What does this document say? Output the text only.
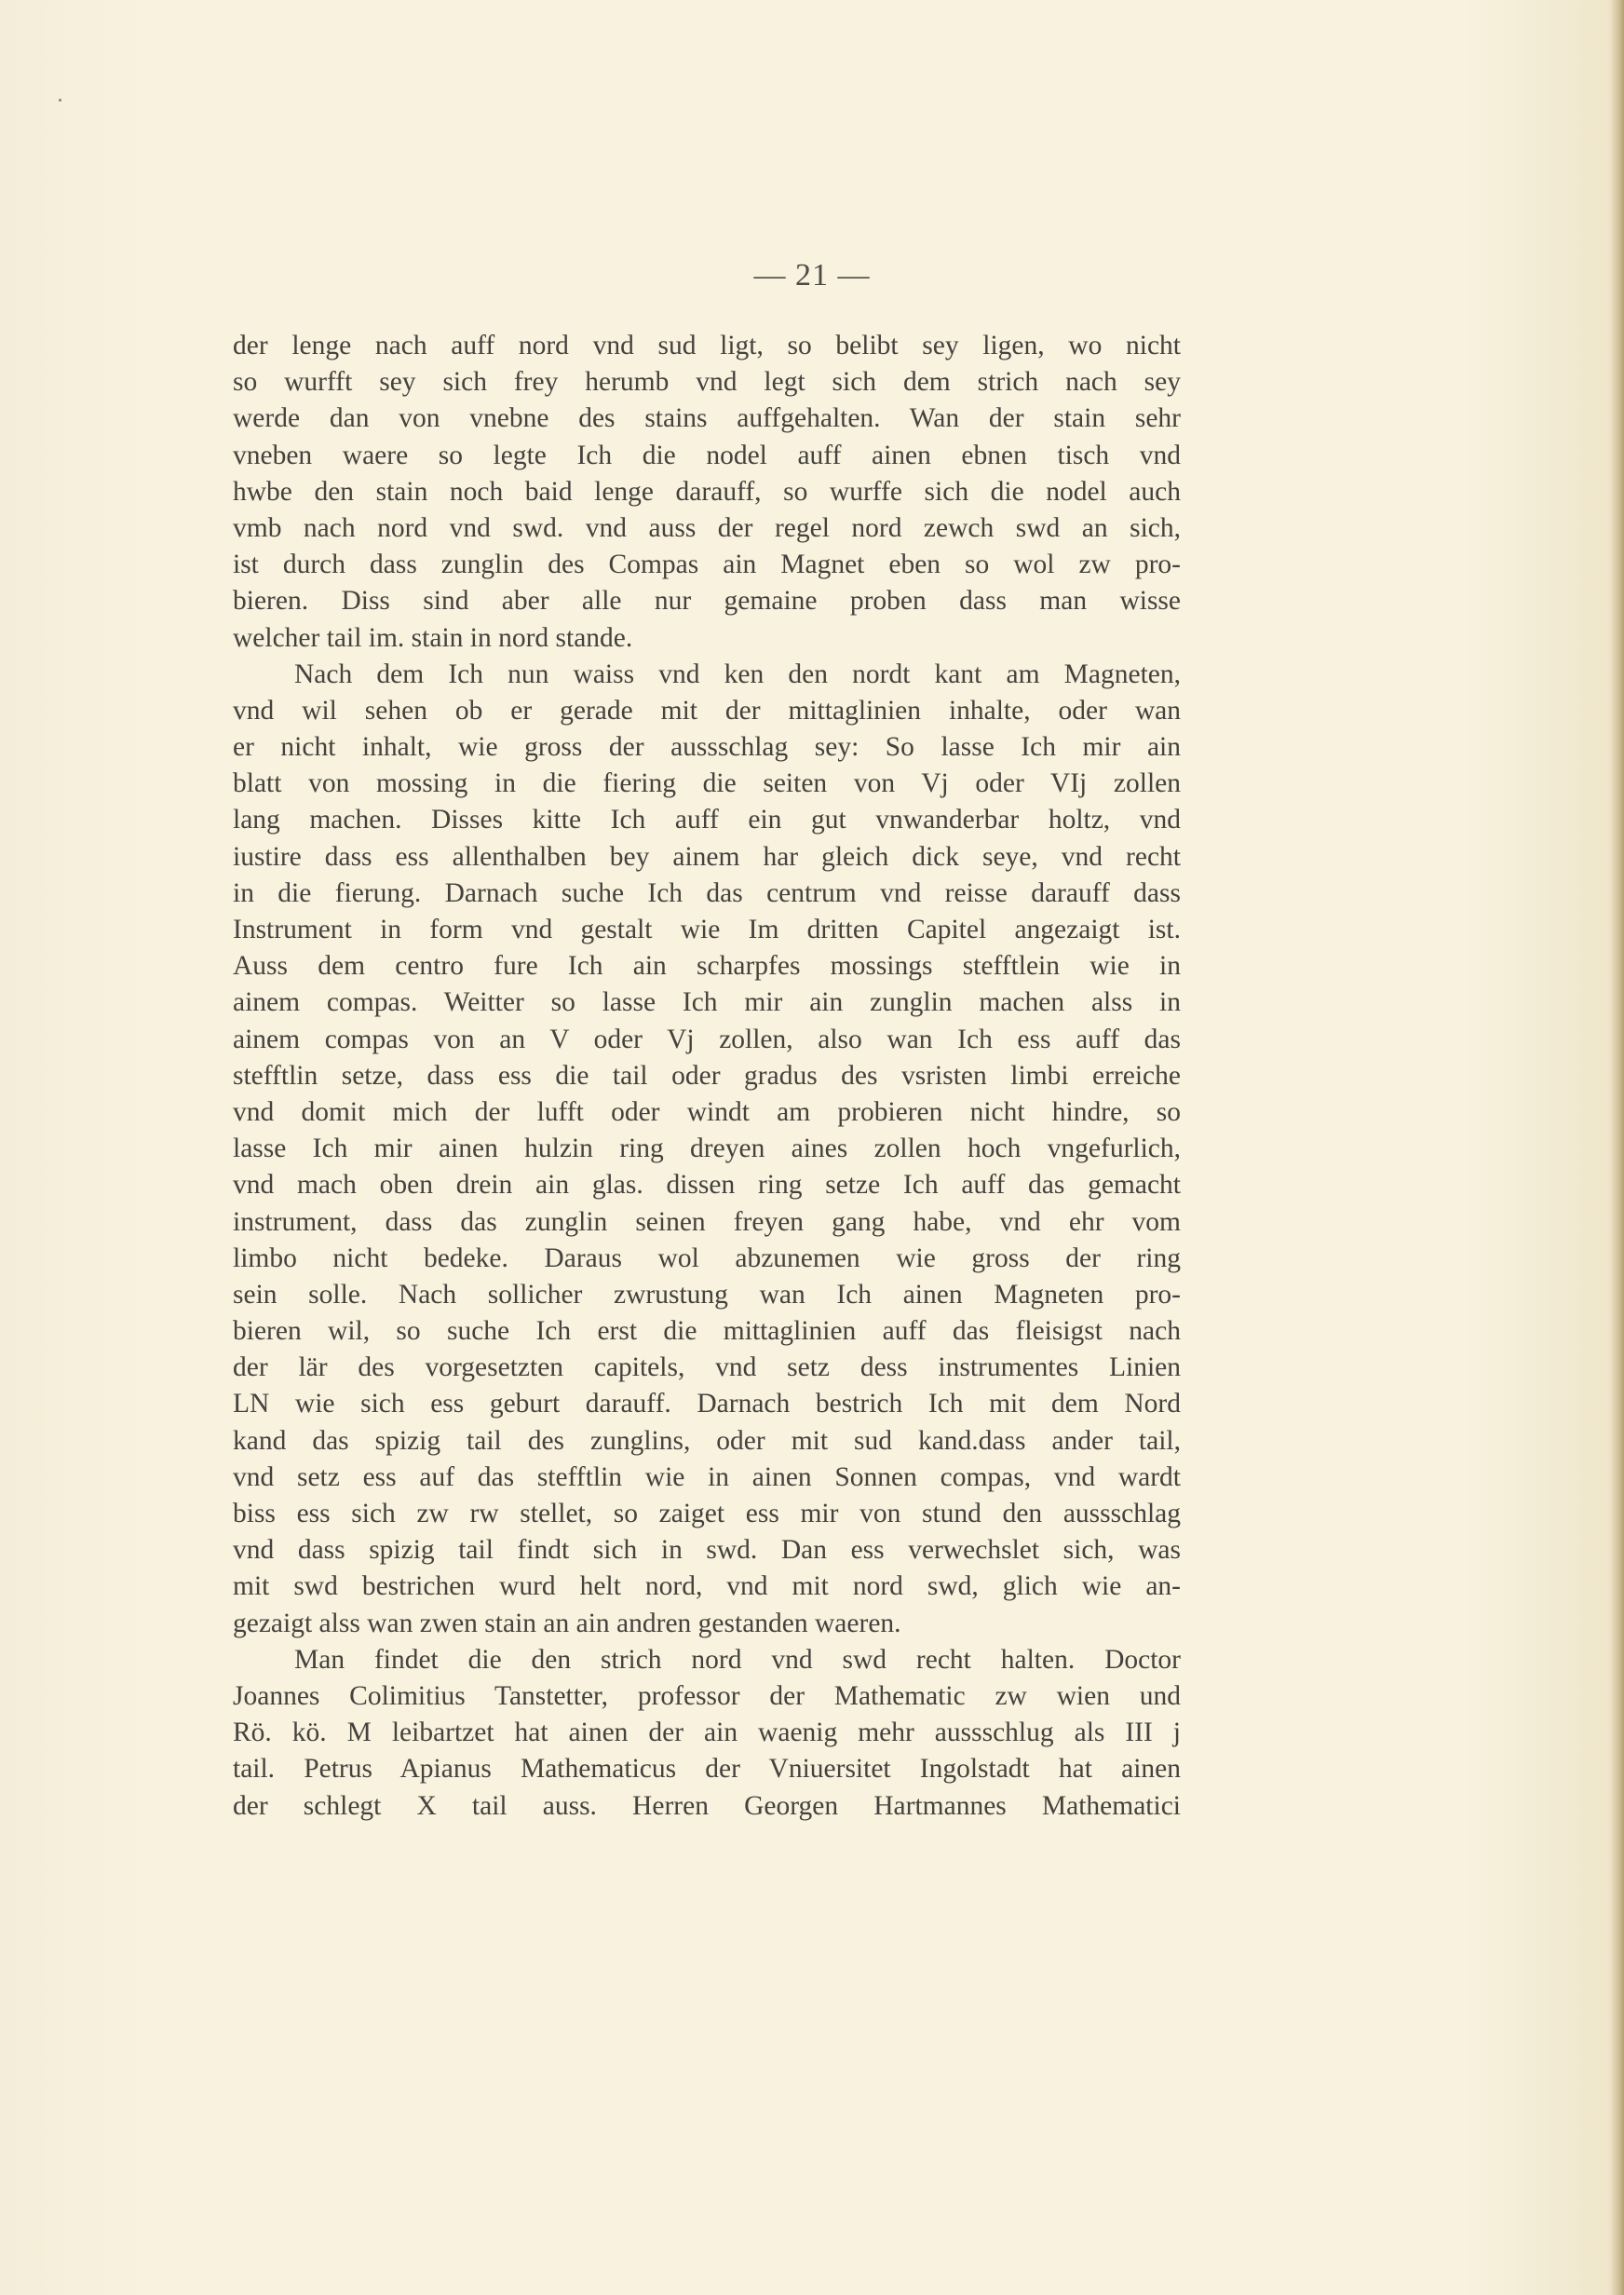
— 21 —
der lenge nach auff nord vnd sud ligt, so belibt sey ligen, wo nicht
so wurfft sey sich frey herumb vnd legt sich dem strich nach sey
werde dan von vnebne des stains auffgehalten. Wan der stain sehr
vneben waere so legte Ich die nodel auff ainen ebnen tisch vnd
hwbe den stain noch baid lenge darauff, so wurffe sich die nodel auch
vmb nach nord vnd swd. vnd auss der regel nord zewch swd an sich,
ist durch dass zunglin des Compas ain Magnet eben so wol zw pro-
bieren. Diss sind aber alle nur gemaine proben dass man wisse
welcher tail im. stain in nord stande.
Nach dem Ich nun waiss vnd ken den nordt kant am Magneten,
vnd wil sehen ob er gerade mit der mittaglinien inhalte, oder wan
er nicht inhalt, wie gross der aussschlag sey: So lasse Ich mir ain
blatt von mossing in die fiering die seiten von Vj oder VIj zollen
lang machen. Disses kitte Ich auff ein gut vnwanderbar holtz, vnd
iustire dass ess allenthalben bey ainem har gleich dick seye, vnd recht
in die fierung. Darnach suche Ich das centrum vnd reisse darauff dass
Instrument in form vnd gestalt wie Im dritten Capitel angezaigt ist.
Auss dem centro fure Ich ain scharpfes mossings stefftlein wie in
ainem compas. Weitter so lasse Ich mir ain zunglin machen alss in
ainem compas von an V oder Vj zollen, also wan Ich ess auff das
stefftlin setze, dass ess die tail oder gradus des vsristen limbi erreiche
vnd domit mich der lufft oder windt am probieren nicht hindre, so
lasse Ich mir ainen hulzin ring dreyen aines zollen hoch vngefurlich,
vnd mach oben drein ain glas. dissen ring setze Ich auff das gemacht
instrument, dass das zunglin seinen freyen gang habe, vnd ehr vom
limbo nicht bedeke. Daraus wol abzunemen wie gross der ring
sein solle. Nach sollicher zwrustung wan Ich ainen Magneten pro-
bieren wil, so suche Ich erst die mittaglinien auff das fleisigst nach
der lär des vorgesetzten capitels, vnd setz dess instrumentes Linien
LN wie sich ess geburt darauff. Darnach bestrich Ich mit dem Nord
kand das spizig tail des zunglins, oder mit sud kand.dass ander tail,
vnd setz ess auf das stefftlin wie in ainen Sonnen compas, vnd wardt
biss ess sich zw rw stellet, so zaiget ess mir von stund den aussschlag
vnd dass spizig tail findt sich in swd. Dan ess verwechslet sich, was
mit swd bestrichen wurd helt nord, vnd mit nord swd, glich wie an-
gezaigt alss wan zwen stain an ain andren gestanden waeren.
Man findet die den strich nord vnd swd recht halten. Doctor
Joannes Colimitius Tanstetter, professor der Mathematic zw wien und
Rö. kö. M leibartzet hat ainen der ain waenig mehr aussschlug als III j
tail. Petrus Apianus Mathematicus der Vniuersitet Ingolstadt hat ainen
der schlegt X tail auss. Herren Georgen Hartmannes Mathematici
